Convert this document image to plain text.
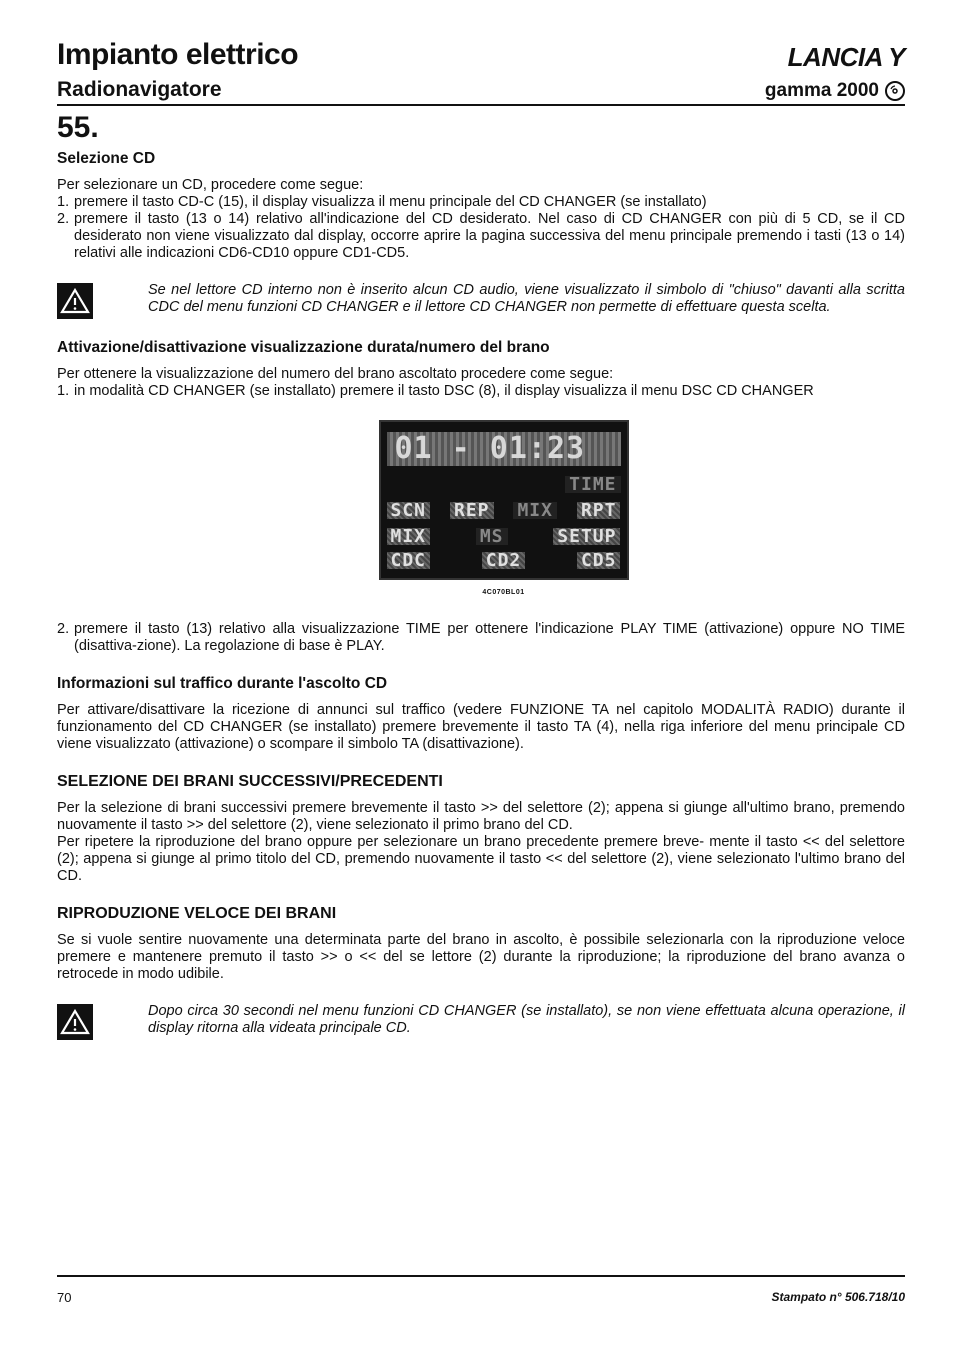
Impianto elettrico
Radionavigatore
LANCIA Y
gamma 2000
55.
Selezione CD

Per selezionare un CD, procedere come segue:

1. premere il tasto CD-C (15), il display visualizza il menu principale del CD CHANGER (se installato)
2. premere il tasto (13 o 14) relativo all'indicazione del CD desiderato. Nel caso di CD CHANGER con più di 5 CD, se il CD desiderato non viene visualizzato dal display, occorre aprire la pagina successiva del menu principale premendo i tasti (13 o 14) relativi alle indicazioni CD6-CD10 oppure CD1-CD5.
Se nel lettore CD interno non è inserito alcun CD audio, viene visualizzato il simbolo di "chiuso" davanti alla scritta CDC del menu funzioni CD CHANGER e il lettore CD CHANGER non permette di effettuare questa scelta.
Attivazione/disattivazione visualizzazione durata/numero del brano

Per ottenere la visualizzazione del numero del brano ascoltato procedere come segue:

1. in modalità CD CHANGER (se installato) premere il tasto DSC (8), il display visualizza il menu DSC CD CHANGER
01 - 01:23
TIME
SCN REP MIX RPT
MIX	MS	SETUP
CDC	CD2	CD5
4C070BL01
2. premere il tasto (13) relativo alla visualizzazione TIME per ottenere l'indicazione PLAY TIME (attivazione) oppure NO TIME (disattiva-zione). La regolazione di base è PLAY.
Informazioni sul traffico durante l'ascolto CD

Per attivare/disattivare la ricezione di annunci sul traffico (vedere FUNZIONE TA nel capitolo MODALITÀ RADIO) durante il funzionamento del CD CHANGER (se installato) premere brevemente il tasto TA (4), nella riga inferiore del menu principale CD viene visualizzato (attivazione) o scompare il simbolo TA (disattivazione).

SELEZIONE DEI BRANI SUCCESSIVI/PRECEDENTI

Per la selezione di brani successivi premere brevemente il tasto >> del selettore (2); appena si giunge all'ultimo brano, premendo nuovamente il tasto >> del selettore (2), viene selezionato il primo brano del CD.

Per ripetere la riproduzione del brano oppure per selezionare un brano precedente premere breve- mente il tasto << del selettore (2); appena si giunge al primo titolo del CD, premendo nuovamente il tasto << del selettore (2), viene selezionato l'ultimo brano del CD.

RIPRODUZIONE VELOCE DEI BRANI

Se si vuole sentire nuovamente una determinata parte del brano in ascolto, è possibile selezionarla con la riproduzione veloce premere e mantenere premuto il tasto >> o << del se lettore (2) durante la riproduzione; la riproduzione del brano avanza o retrocede in modo udibile.

Dopo circa 30 secondi nel menu funzioni CD CHANGER (se installato), se non viene effettuata alcuna operazione, il display ritorna alla videata principale CD.
70	Stampato n° 506.718/10
